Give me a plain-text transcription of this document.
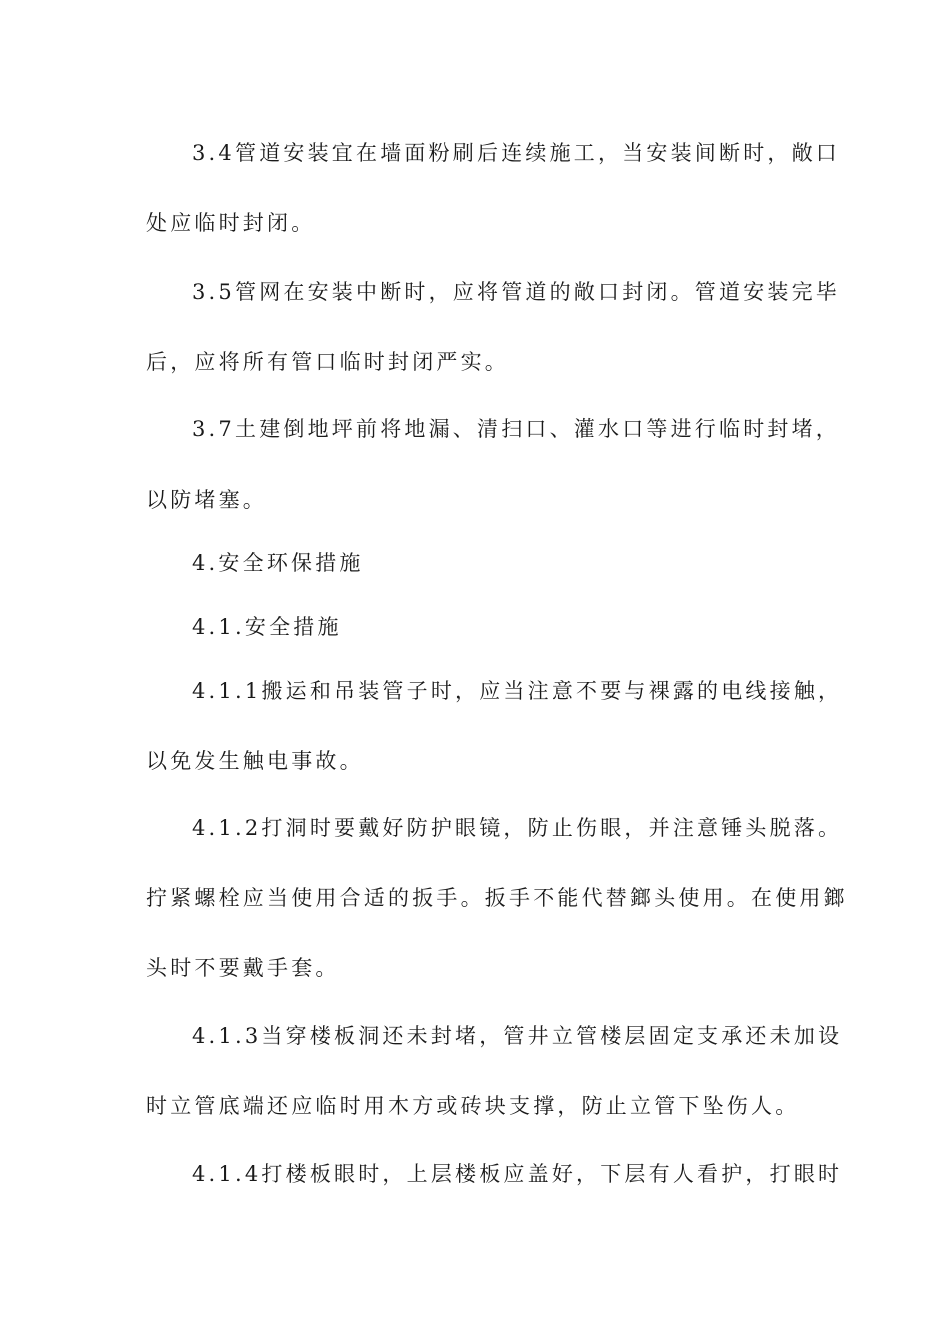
3.4管道安装宜在墙面粉刷后连续施工，当安装间断时，敞口
处应临时封闭。
3.5管网在安装中断时，应将管道的敞口封闭。管道安装完毕
后，应将所有管口临时封闭严实。
3.7土建倒地坪前将地漏、清扫口、灌水口等进行临时封堵，
以防堵塞。
4.安全环保措施
4.1.安全措施
4.1.1搬运和吊装管子时，应当注意不要与裸露的电线接触，
以免发生触电事故。
4.1.2打洞时要戴好防护眼镜，防止伤眼，并注意锤头脱落。
拧紧螺栓应当使用合适的扳手。扳手不能代替鎯头使用。在使用鎯
头时不要戴手套。
4.1.3当穿楼板洞还未封堵，管井立管楼层固定支承还未加设
时立管底端还应临时用木方或砖块支撑，防止立管下坠伤人。
4.1.4打楼板眼时，上层楼板应盖好，下层有人看护，打眼时
